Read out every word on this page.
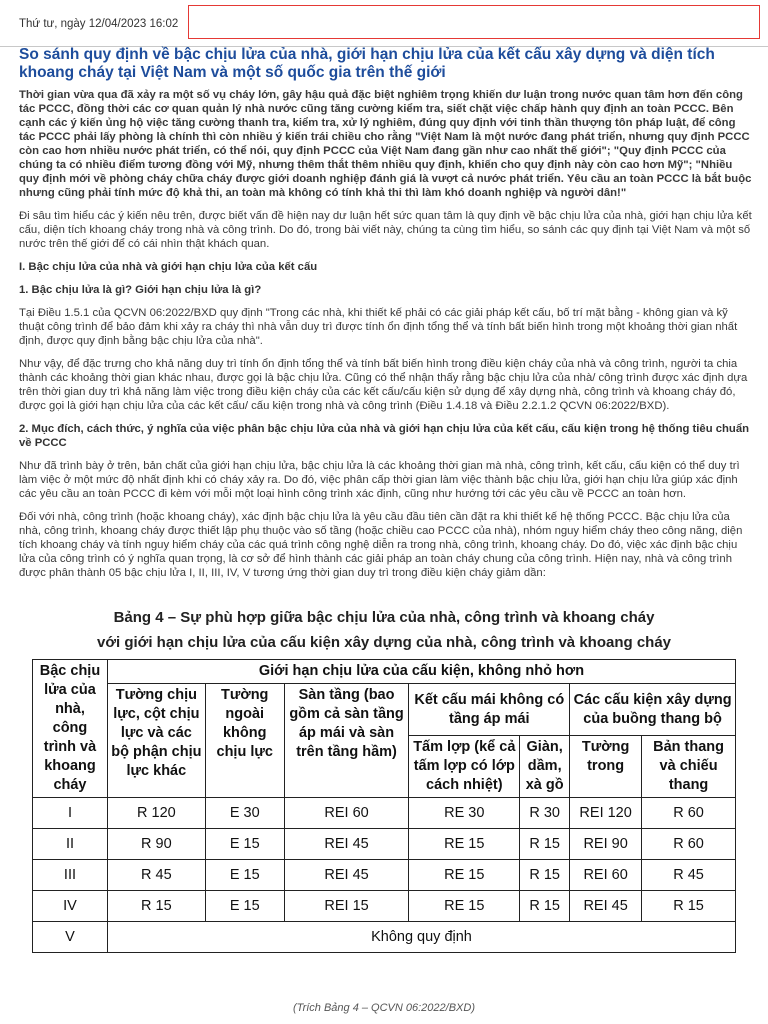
Thứ tư, ngày 12/04/2023 16:02
So sánh quy định về bậc chịu lửa của nhà, giới hạn chịu lửa của kết cấu xây dựng và diện tích khoang cháy tại Việt Nam và một số quốc gia trên thế giới

Thời gian vừa qua đã xảy ra một số vụ cháy lớn, gây hậu quả đặc biệt nghiêm trọng khiến dư luận trong nước quan tâm hơn đến công tác PCCC, đồng thời các cơ quan quản lý nhà nước cũng tăng cường kiểm tra, siết chặt việc chấp hành quy định an toàn PCCC. Bên cạnh các ý kiến ủng hộ việc tăng cường thanh tra, kiểm tra, xử lý nghiêm, đúng quy định với tinh thần thượng tôn pháp luật, để công tác PCCC phải lấy phòng là chính thì còn nhiều ý kiến trái chiều cho rằng "Việt Nam là một nước đang phát triển, nhưng quy định PCCC còn cao hơn nhiều nước phát triển, có thể nói, quy định PCCC của Việt Nam đang gần như cao nhất thế giới"; "Quy định PCCC của chúng ta có nhiều điểm tương đồng với Mỹ, nhưng thêm thắt thêm nhiều quy định, khiến cho quy định này còn cao hơn Mỹ"; "Nhiều quy định mới về phòng cháy chữa cháy được giới doanh nghiệp đánh giá là vượt cả nước phát triển. Yêu cầu an toàn PCCC là bắt buộc nhưng cũng phải tính mức độ khả thi, an toàn mà không có tính khả thi thì làm khó doanh nghiệp và người dân!"

Đi sâu tìm hiểu các ý kiến nêu trên, được biết vấn đề hiện nay dư luận hết sức quan tâm là quy định về bậc chịu lửa của nhà, giới hạn chịu lửa kết cấu, diện tích khoang cháy trong nhà và công trình. Do đó, trong bài viết này, chúng ta cùng tìm hiểu, so sánh các quy định tại Việt Nam và một số nước trên thế giới để có cái nhìn thật khách quan.

I. Bậc chịu lửa của nhà và giới hạn chịu lửa của kết cấu
1. Bậc chịu lửa là gì? Giới hạn chịu lửa là gì?

Tại Điều 1.5.1 của QCVN 06:2022/BXD quy định "Trong các nhà, khi thiết kế phải có các giải pháp kết cấu, bố trí mặt bằng - không gian và kỹ thuật công trình để bảo đảm khi xảy ra cháy thì nhà vẫn duy trì được tính ổn định tổng thể và tính bất biến hình trong một khoảng thời gian nhất định, được quy định bằng bậc chịu lửa của nhà".

Như vậy, để đặc trưng cho khả năng duy trì tính ổn định tổng thể và tính bất biến hình trong điều kiện cháy của nhà và công trình, người ta chia thành các khoảng thời gian khác nhau, được gọi là bậc chịu lửa. Cũng có thể nhận thấy rằng bậc chịu lửa của nhà/ công trình được xác định dựa trên thời gian duy trì khả năng làm việc trong điều kiện cháy của các kết cấu/cấu kiện sử dụng để xây dựng nhà, công trình và khoang cháy đó, được gọi là giới hạn chịu lửa của các kết cấu/ cấu kiện trong nhà và công trình (Điều 1.4.18 và Điều 2.2.1.2 QCVN 06:2022/BXD).

2. Mục đích, cách thức, ý nghĩa của việc phân bậc chịu lửa của nhà và giới hạn chịu lửa của kết cấu, cấu kiện trong hệ thống tiêu chuẩn về PCCC

Như đã trình bày ở trên, bản chất của giới hạn chịu lửa, bậc chịu lửa là các khoảng thời gian mà nhà, công trình, kết cấu, cấu kiện có thể duy trì làm việc ở một mức độ nhất định khi có cháy xảy ra. Do đó, việc phân cấp thời gian làm việc thành bậc chịu lửa, giới hạn chịu lửa giúp xác định các yêu cầu an toàn PCCC đi kèm với mỗi một loại hình công trình xác định, cũng như hướng tới các yêu cầu về PCCC an toàn hơn.

Đối với nhà, công trình (hoặc khoang cháy), xác định bậc chịu lửa là yêu cầu đầu tiên cần đặt ra khi thiết kế hệ thống PCCC. Bậc chịu lửa của nhà, công trình, khoang cháy được thiết lập phụ thuộc vào số tầng (hoặc chiều cao PCCC của nhà), nhóm nguy hiểm cháy theo công năng, diện tích khoang cháy và tính nguy hiểm cháy của các quá trình công nghệ diễn ra trong nhà, công trình, khoang cháy. Do đó, việc xác định bậc chịu lửa của công trình có ý nghĩa quan trọng, là cơ sở để hình thành các giải pháp an toàn cháy chung của công trình. Hiện nay, nhà và công trình được phân thành 05 bậc chịu lửa I, II, III, IV, V tương ứng thời gian duy trì trong điều kiện cháy giảm dần:

Bảng 4 – Sự phù hợp giữa bậc chịu lửa của nhà, công trình và khoang cháy
với giới hạn chịu lửa của cấu kiện xây dựng của nhà, công trình và khoang cháy
Bậc chịu lửa của nhà, công trình và khoang cháy	Giới hạn chịu lửa của cấu kiện, không nhỏ hơn						
	Tường chịu lực, cột chịu lực và các bộ phận chịu lực khác	Tường ngoài không chịu lực	Sàn tầng (bao gồm cả sàn tầng áp mái và sàn trên tầng hầm)	Kết cấu mái không có tầng áp mái		Các cấu kiện xây dựng của buồng thang bộ	
				Tấm lợp (kể cả tấm lợp có lớp cách nhiệt)	Giàn, dầm, xà gồ	Tường trong	Bản thang và chiếu thang
I	R 120	E 30	REI 60	RE 30	R 30	REI 120	R 60
II	R 90	E 15	REI 45	RE 15	R 15	REI 90	R 60
III	R 45	E 15	REI 45	RE 15	R 15	REI 60	R 45
IV	R 15	E 15	REI 15	RE 15	R 15	REI 45	R 15
V	Không quy định						
(Trích Bảng 4 – QCVN 06:2022/BXD)
